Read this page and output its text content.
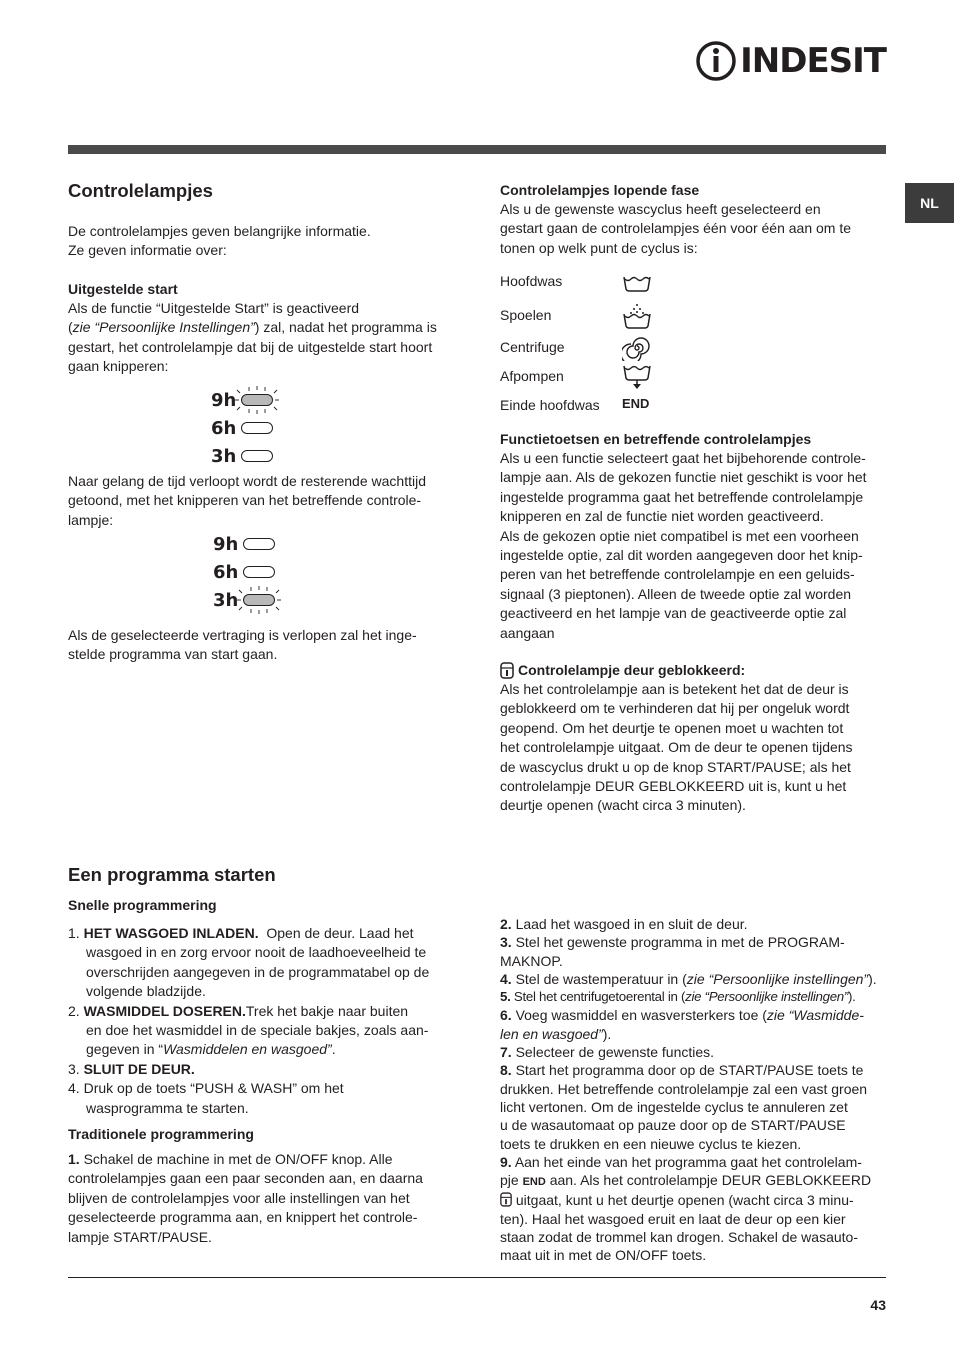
INDESIT
NL
Controlelampjes
De controlelampjes geven belangrijke informatie.
Ze geven informatie over:
Uitgestelde start
Als de functie “Uitgestelde Start” is geactiveerd
(zie “Persoonlijke Instellingen”) zal, nadat het programma is
gestart, het controlelampje dat bij de uitgestelde start hoort
gaan knipperen:
9h
6h
3h
Naar gelang de tijd verloopt wordt de resterende wachttijd
getoond, met het knipperen van het betreffende controle-
lampje:
9h
6h
3h
Als de geselecteerde vertraging is verlopen zal het inge-
stelde programma van start gaan.
Controlelampjes lopende fase
Als u de gewenste wascyclus heeft geselecteerd en
gestart gaan de controlelampjes één voor één aan om te
tonen op welk punt de cyclus is:
Hoofdwas
Spoelen
Centrifuge
Afpompen
Einde hoofdwas	END
Functietoetsen en betreffende controlelampjes
Als u een functie selecteert gaat het bijbehorende controle-
lampje aan. Als de gekozen functie niet geschikt is voor het
ingestelde programma gaat het betreffende controlelampje
knipperen en zal de functie niet worden geactiveerd.
Als de gekozen optie niet compatibel is met een voorheen
ingestelde optie, zal dit worden aangegeven door het knip-
peren van het betreffende controlelampje en een geluids-
signaal (3 pieptonen). Alleen de tweede optie zal worden
geactiveerd en het lampje van de geactiveerde optie zal
aangaan
Controlelampje deur geblokkeerd:
Als het controlelampje aan is betekent het dat de deur is
geblokkeerd om te verhinderen dat hij per ongeluk wordt
geopend. Om het deurtje te openen moet u wachten tot
het controlelampje uitgaat. Om de deur te openen tijdens
de wascyclus drukt u op de knop START/PAUSE; als het
controlelampje DEUR GEBLOKKEERD uit is, kunt u het
deurtje openen (wacht circa 3 minuten).
Een programma starten
Snelle programmering
1. HET WASGOED INLADEN. Open de deur. Laad het
wasgoed in en zorg ervoor nooit de laadhoeveelheid te
overschrijden aangegeven in de programmatabel op de
volgende bladzijde.
2. WASMIDDEL DOSEREN.Trek het bakje naar buiten
en doe het wasmiddel in de speciale bakjes, zoals aan-
gegeven in “Wasmiddelen en wasgoed”.
3. SLUIT DE DEUR.
4. Druk op de toets “PUSH & WASH” om het
wasprogramma te starten.
Traditionele programmering
1. Schakel de machine in met de ON/OFF knop. Alle
controlelampjes gaan een paar seconden aan, en daarna
blijven de controlelampjes voor alle instellingen van het
geselecteerde programma aan, en knippert het controle-
lampje START/PAUSE.
2. Laad het wasgoed in en sluit de deur.
3. Stel het gewenste programma in met de PROGRAM-
MAKNOP.
4. Stel de wastemperatuur in (zie “Persoonlijke instellingen”).
5. Stel het centrifugetoerental in (zie “Persoonlijke instellingen”).
6. Voeg wasmiddel en wasversterkers toe (zie “Wasmidde-
len en wasgoed”).
7. Selecteer de gewenste functies.
8. Start het programma door op de START/PAUSE toets te
drukken. Het betreffende controlelampje zal een vast groen
licht vertonen. Om de ingestelde cyclus te annuleren zet
u de wasautomaat op pauze door op de START/PAUSE
toets te drukken en een nieuwe cyclus te kiezen.
9. Aan het einde van het programma gaat het controlelam-
pje END aan. Als het controlelampje DEUR GEBLOKKEERD
uitgaat, kunt u het deurtje openen (wacht circa 3 minu-
ten). Haal het wasgoed eruit en laat de deur op een kier
staan zodat de trommel kan drogen. Schakel de wasauto-
maat uit in met de ON/OFF toets.
43
